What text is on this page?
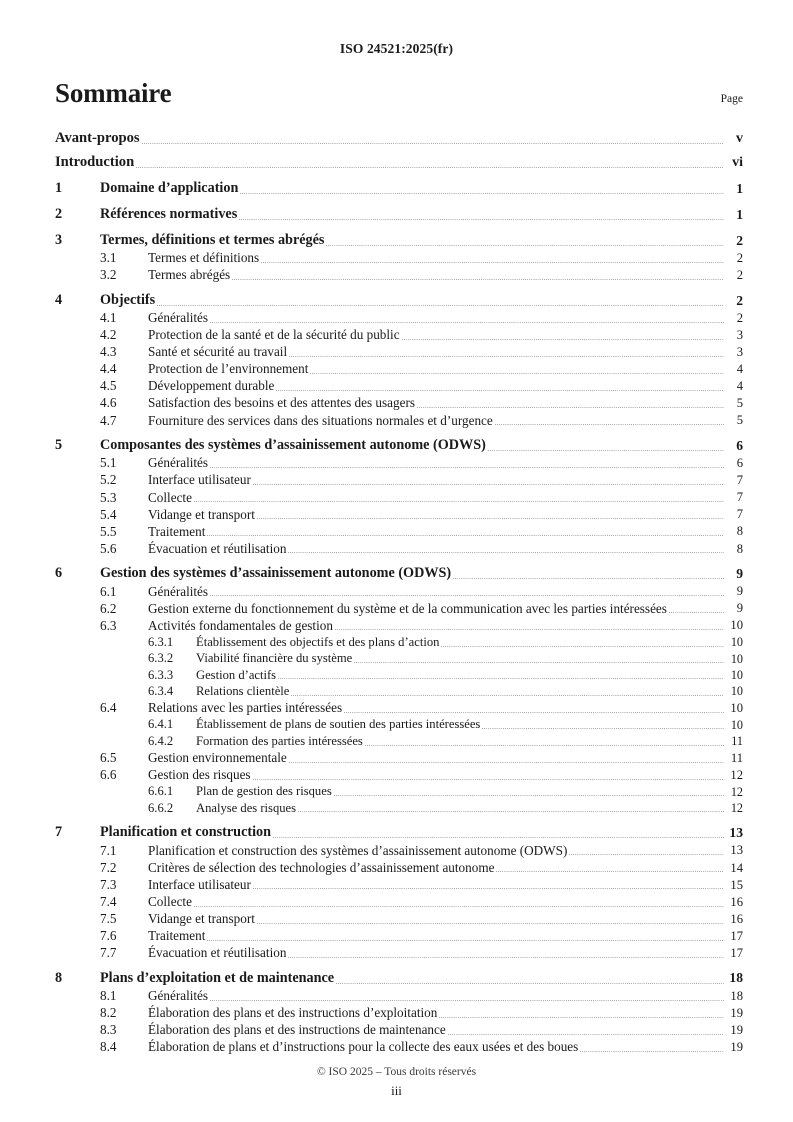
ISO 24521:2025(fr)
Sommaire	Page
Avant-propos	v
Introduction	vi
1	Domaine d’application	1
2	Références normatives	1
3	Termes, définitions et termes abrégés	2
3.1	Termes et définitions	2
3.2	Termes abrégés	2
4	Objectifs	2
4.1	Généralités	2
4.2	Protection de la santé et de la sécurité du public	3
4.3	Santé et sécurité au travail	3
4.4	Protection de l’environnement	4
4.5	Développement durable	4
4.6	Satisfaction des besoins et des attentes des usagers	5
4.7	Fourniture des services dans des situations normales et d’urgence	5
5	Composantes des systèmes d’assainissement autonome (ODWS)	6
5.1	Généralités	6
5.2	Interface utilisateur	7
5.3	Collecte	7
5.4	Vidange et transport	7
5.5	Traitement	8
5.6	Évacuation et réutilisation	8
6	Gestion des systèmes d’assainissement autonome (ODWS)	9
6.1	Généralités	9
6.2	Gestion externe du fonctionnement du système et de la communication avec les parties intéressées	9
6.3	Activités fondamentales de gestion	10
6.3.1	Établissement des objectifs et des plans d’action	10
6.3.2	Viabilité financière du système	10
6.3.3	Gestion d’actifs	10
6.3.4	Relations clientèle	10
6.4	Relations avec les parties intéressées	10
6.4.1	Établissement de plans de soutien des parties intéressées	10
6.4.2	Formation des parties intéressées	11
6.5	Gestion environnementale	11
6.6	Gestion des risques	12
6.6.1	Plan de gestion des risques	12
6.6.2	Analyse des risques	12
7	Planification et construction	13
7.1	Planification et construction des systèmes d’assainissement autonome (ODWS)	13
7.2	Critères de sélection des technologies d’assainissement autonome	14
7.3	Interface utilisateur	15
7.4	Collecte	16
7.5	Vidange et transport	16
7.6	Traitement	17
7.7	Évacuation et réutilisation	17
8	Plans d’exploitation et de maintenance	18
8.1	Généralités	18
8.2	Élaboration des plans et des instructions d’exploitation	19
8.3	Élaboration des plans et des instructions de maintenance	19
8.4	Élaboration de plans et d’instructions pour la collecte des eaux usées et des boues	19
© ISO 2025 – Tous droits réservés
iii
